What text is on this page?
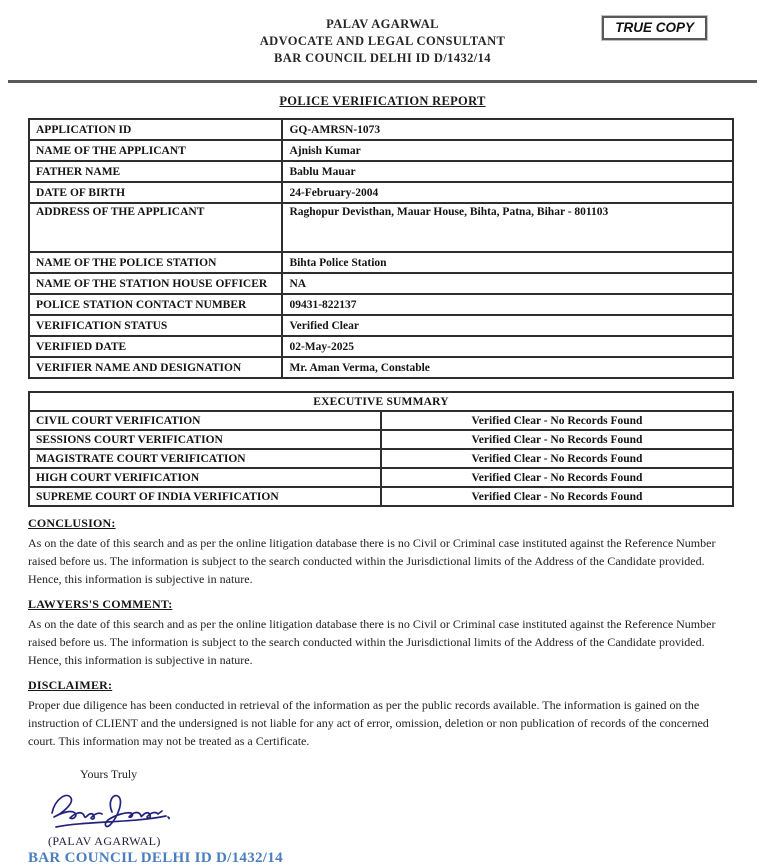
PALAV AGARWAL
ADVOCATE AND LEGAL CONSULTANT
BAR COUNCIL DELHI ID D/1432/14
TRUE COPY
POLICE VERIFICATION REPORT
APPLICATION ID	GQ-AMRSN-1073
NAME OF THE APPLICANT	Ajnish Kumar
FATHER NAME	Bablu Mauar
DATE OF BIRTH	24-February-2004
ADDRESS OF THE APPLICANT	Raghopur Devisthan, Mauar House, Bihta, Patna, Bihar - 801103
NAME OF THE POLICE STATION	Bihta Police Station
NAME OF THE STATION HOUSE OFFICER	NA
POLICE STATION CONTACT NUMBER	09431-822137
VERIFICATION STATUS	Verified Clear
VERIFIED DATE	02-May-2025
VERIFIER NAME AND DESIGNATION	Mr. Aman Verma, Constable
EXECUTIVE SUMMARY	
CIVIL COURT VERIFICATION	Verified Clear - No Records Found
SESSIONS COURT VERIFICATION	Verified Clear - No Records Found
MAGISTRATE COURT VERIFICATION	Verified Clear - No Records Found
HIGH COURT VERIFICATION	Verified Clear - No Records Found
SUPREME COURT OF INDIA VERIFICATION	Verified Clear - No Records Found
CONCLUSION:
As on the date of this search and as per the online litigation database there is no Civil or Criminal case instituted against the Reference Number raised before us. The information is subject to the search conducted within the Jurisdictional limits of the Address of the Candidate provided. Hence, this information is subjective in nature.
LAWYERS'S COMMENT:
As on the date of this search and as per the online litigation database there is no Civil or Criminal case instituted against the Reference Number raised before us. The information is subject to the search conducted within the Jurisdictional limits of the Address of the Candidate provided. Hence, this information is subjective in nature.
DISCLAIMER:
Proper due diligence has been conducted in retrieval of the information as per the public records available. The information is gained on the instruction of CLIENT and the undersigned is not liable for any act of error, omission, deletion or non publication of records of the concerned court. This information may not be treated as a Certificate.
Yours Truly
(PALAV AGARWAL)
BAR COUNCIL DELHI ID D/1432/14
